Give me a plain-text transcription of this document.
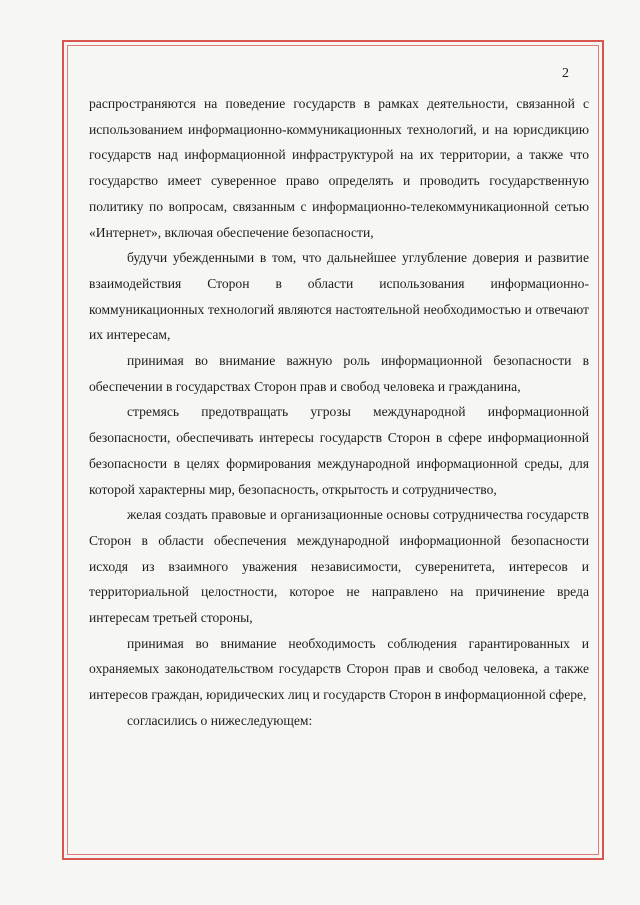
2

распространяются на поведение государств в рамках деятельности, связанной с использованием информационно-коммуникационных технологий, и на юрисдикцию государств над информационной инфраструктурой на их территории, а также что государство имеет суверенное право определять и проводить государственную политику по вопросам, связанным с информационно-телекоммуникационной сетью «Интернет», включая обеспечение безопасности,

будучи убежденными в том, что дальнейшее углубление доверия и развитие взаимодействия Сторон в области использования информационно-коммуникационных технологий являются настоятельной необходимостью и отвечают их интересам,

принимая во внимание важную роль информационной безопасности в обеспечении в государствах Сторон прав и свобод человека и гражданина,

стремясь предотвращать угрозы международной информационной безопасности, обеспечивать интересы государств Сторон в сфере информационной безопасности в целях формирования международной информационной среды, для которой характерны мир, безопасность, открытость и сотрудничество,

желая создать правовые и организационные основы сотрудничества государств Сторон в области обеспечения международной информационной безопасности исходя из взаимного уважения независимости, суверенитета, интересов и территориальной целостности, которое не направлено на причинение вреда интересам третьей стороны,

принимая во внимание необходимость соблюдения гарантированных и охраняемых законодательством государств Сторон прав и свобод человека, а также интересов граждан, юридических лиц и государств Сторон в информационной сфере,

согласились о нижеследующем:
